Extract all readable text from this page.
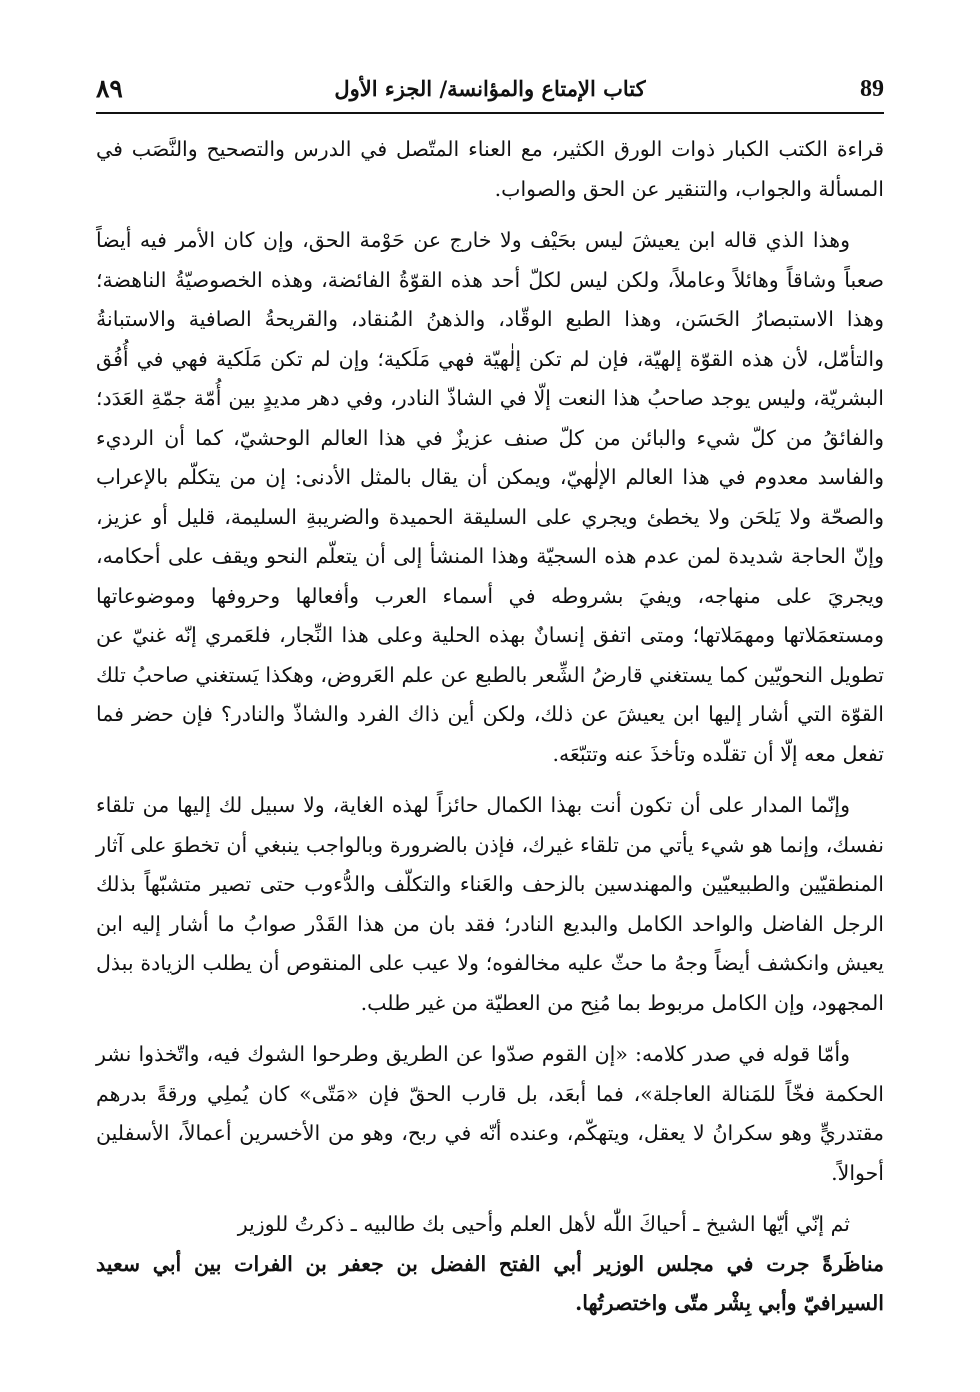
89
كتاب الإمتاع والمؤانسة/ الجزء الأول
٨٩

قراءة الكتب الكبار ذوات الورق الكثير، مع العناء المتّصل في الدرس والتصحيح والنَّصَب في المسألة والجواب، والتنقير عن الحق والصواب.

وهذا الذي قاله ابن يعيشَ ليس بحَيْف ولا خارج عن حَوْمة الحق، وإن كان الأمر فيه أيضاً صعباً وشاقاً وهائلاً وعاملاً، ولكن ليس لكلّ أحد هذه القوّةُ الفائضة، وهذه الخصوصيّةُ الناهضة؛ وهذا الاستبصارُ الحَسَن، وهذا الطبع الوقّاد، والذهنُ المُنقاد، والقريحةُ الصافية والاستبانةُ والتأمّل، لأن هذه القوّة إلهيّة، فإن لم تكن إلٰهيّة فهي مَلَكية؛ وإن لم تكن مَلَكية فهي في أُفُق البشريّة، وليس يوجد صاحبُ هذا النعت إلّا في الشاذّ النادر، وفي دهر مديدٍ بين أُمّة جمّةِ العَدَد؛ والفائقُ من كلّ شيء والبائن من كلّ صنف عزيزٌ في هذا العالم الوحشيّ، كما أن الرديء والفاسد معدوم في هذا العالم الإلٰهيّ، ويمكن أن يقال بالمثل الأدنى: إن من يتكلّم بالإعراب والصحّة ولا يَلحَن ولا يخطئ ويجري على السليقة الحميدة والضريبةِ السليمة، قليل أو عزيز، وإنّ الحاجة شديدة لمن عدم هذه السجيّة وهذا المنشأ إلى أن يتعلّم النحو ويقف على أحكامه، ويجريَ على منهاجه، ويفيَ بشروطه في أسماء العرب وأفعالها وحروفها وموضوعاتها ومستعمَلاتها ومهمَلاتها؛ ومتى اتفق إنسانٌ بهذه الحلية وعلى هذا النِّجار، فلعَمري إنّه غنيّ عن تطويل النحويّين كما يستغني قارضُ الشِّعر بالطبع عن علم العَروض، وهكذا يَستغني صاحبُ تلك القوّة التي أشار إليها ابن يعيشَ عن ذلك، ولكن أين ذاك الفرد والشاذّ والنادر؟ فإن حضر فما تفعل معه إلّا أن تقلّده وتأخذَ عنه وتتبّعَه.

وإنّما المدار على أن تكون أنت بهذا الكمال حائزاً لهذه الغاية، ولا سبيل لك إليها من تلقاء نفسك، وإنما هو شيء يأتي من تلقاء غيرك، فإذن بالضرورة وبالواجب ينبغي أن تخطوَ على آثار المنطقيّين والطبيعيّين والمهندسين بالزحف والعَناء والتكلّف والدُّءوب حتى تصير متشبّهاً بذلك الرجل الفاضل والواحد الكامل والبديع النادر؛ فقد بان من هذا القَدْر صوابُ ما أشار إليه ابن يعيش وانكشف أيضاً وجهُ ما حثّ عليه مخالفوه؛ ولا عيب على المنقوص أن يطلب الزيادة ببذل المجهود، وإن الكامل مربوط بما مُنِح من العطيّة من غير طلب.

وأمّا قوله في صدر كلامه: «إن القوم صدّوا عن الطريق وطرحوا الشوك فيه، واتّخذوا نشر الحكمة فخّاً للمَنالة العاجلة»، فما أبعَد، بل قارب الحقّ فإن «مَتّى» كان يُملِي ورقةً بدرهم مقتدريٍّ وهو سكرانُ لا يعقل، ويتهكّم، وعنده أنّه في ربح، وهو من الأخسرين أعمالاً، الأسفلين أحوالاً.

ثم إنّي أيّها الشيخ ـ أحياكَ اللّٰه لأهل العلم وأحيى بك طالبيه ـ ذكرتُ للوزير

مناظَرةً جرت في مجلس الوزير أبي الفتح الفضل بن جعفر بن الفرات بين أبي سعيد السيرافيّ وأبي بِشْر متّى واختصرتُها.
